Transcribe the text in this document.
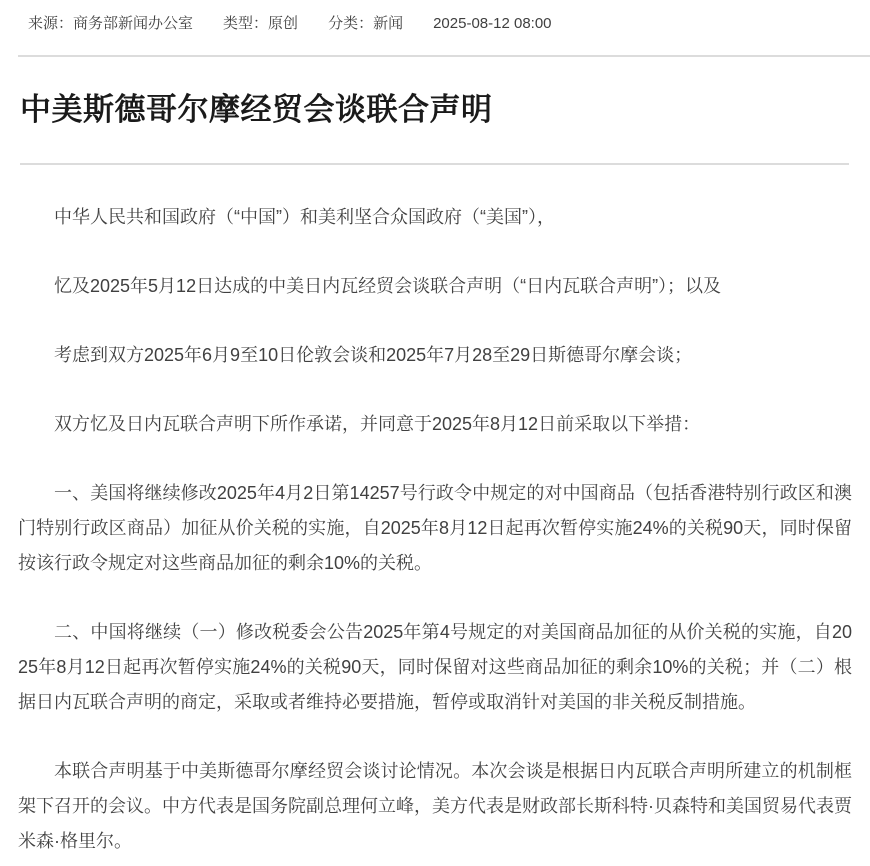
来源：商务部新闻办公室 类型：原创 分类：新闻 2025-08-12 08:00
中美斯德哥尔摩经贸会谈联合声明

中华人民共和国政府（“中国”）和美利坚合众国政府（“美国”），

忆及2025年5月12日达成的中美日内瓦经贸会谈联合声明（“日内瓦联合声明”）；以及

考虑到双方2025年6月9至10日伦敦会谈和2025年7月28至29日斯德哥尔摩会谈；

双方忆及日内瓦联合声明下所作承诺，并同意于2025年8月12日前采取以下举措：

一、美国将继续修改2025年4月2日第14257号行政令中规定的对中国商品（包括香港特别行政区和澳门特别行政区商品）加征从价关税的实施，自2025年8月12日起再次暂停实施24%的关税90天，同时保留按该行政令规定对这些商品加征的剩余10%的关税。

二、中国将继续（一）修改税委会公告2025年第4号规定的对美国商品加征的从价关税的实施，自2025年8月12日起再次暂停实施24%的关税90天，同时保留对这些商品加征的剩余10%的关税；并（二）根据日内瓦联合声明的商定，采取或者维持必要措施，暂停或取消针对美国的非关税反制措施。

本联合声明基于中美斯德哥尔摩经贸会谈讨论情况。本次会谈是根据日内瓦联合声明所建立的机制框架下召开的会议。中方代表是国务院副总理何立峰，美方代表是财政部长斯科特·贝森特和美国贸易代表贾米森·格里尔。
